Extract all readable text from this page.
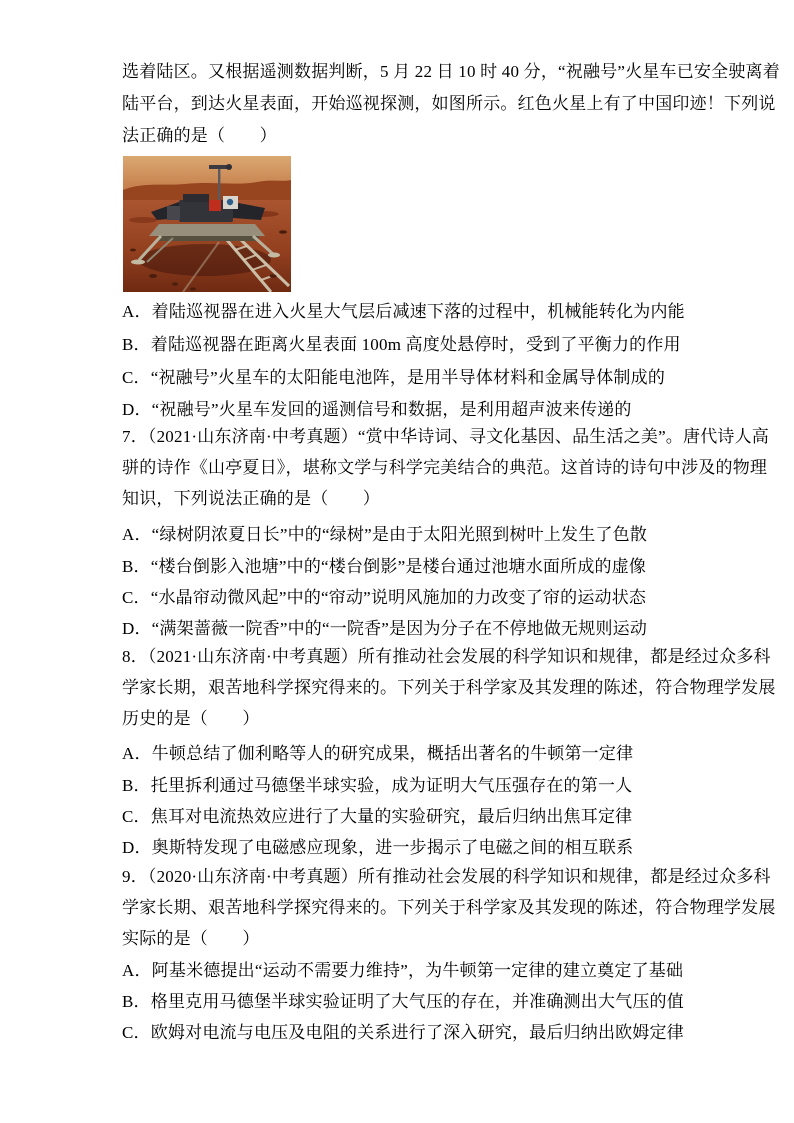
选着陆区。又根据遥测数据判断，5 月 22 日 10 时 40 分，“祝融号”火星车已安全驶离着
陆平台，到达火星表面，开始巡视探测，如图所示。红色火星上有了中国印迹！下列说
法正确的是（　　）
A．着陆巡视器在进入火星大气层后减速下落的过程中，机械能转化为内能
B．着陆巡视器在距离火星表面 100m 高度处悬停时，受到了平衡力的作用
C．“祝融号”火星车的太阳能电池阵，是用半导体材料和金属导体制成的
D．“祝融号”火星车发回的遥测信号和数据，是利用超声波来传递的
7．（2021·山东济南·中考真题）“赏中华诗词、寻文化基因、品生活之美”。唐代诗人高
骈的诗作《山亭夏日》，堪称文学与科学完美结合的典范。这首诗的诗句中涉及的物理
知识，下列说法正确的是（　　）
A．“绿树阴浓夏日长”中的“绿树”是由于太阳光照到树叶上发生了色散
B．“楼台倒影入池塘”中的“楼台倒影”是楼台通过池塘水面所成的虚像
C．“水晶帘动微风起”中的“帘动”说明风施加的力改变了帘的运动状态
D．“满架蔷薇一院香”中的“一院香”是因为分子在不停地做无规则运动
8．（2021·山东济南·中考真题）所有推动社会发展的科学知识和规律，都是经过众多科
学家长期，艰苦地科学探究得来的。下列关于科学家及其发理的陈述，符合物理学发展
历史的是（　　）
A．牛顿总结了伽利略等人的研究成果，概括出著名的牛顿第一定律
B．托里拆利通过马德堡半球实验，成为证明大气压强存在的第一人
C．焦耳对电流热效应进行了大量的实验研究，最后归纳出焦耳定律
D．奥斯特发现了电磁感应现象，进一步揭示了电磁之间的相互联系
9．（2020·山东济南·中考真题）所有推动社会发展的科学知识和规律，都是经过众多科
学家长期、艰苦地科学探究得来的。下列关于科学家及其发现的陈述，符合物理学发展
实际的是（　　）
A．阿基米德提出“运动不需要力维持”，为牛顿第一定律的建立奠定了基础
B．格里克用马德堡半球实验证明了大气压的存在，并准确测出大气压的值
C．欧姆对电流与电压及电阻的关系进行了深入研究，最后归纳出欧姆定律
